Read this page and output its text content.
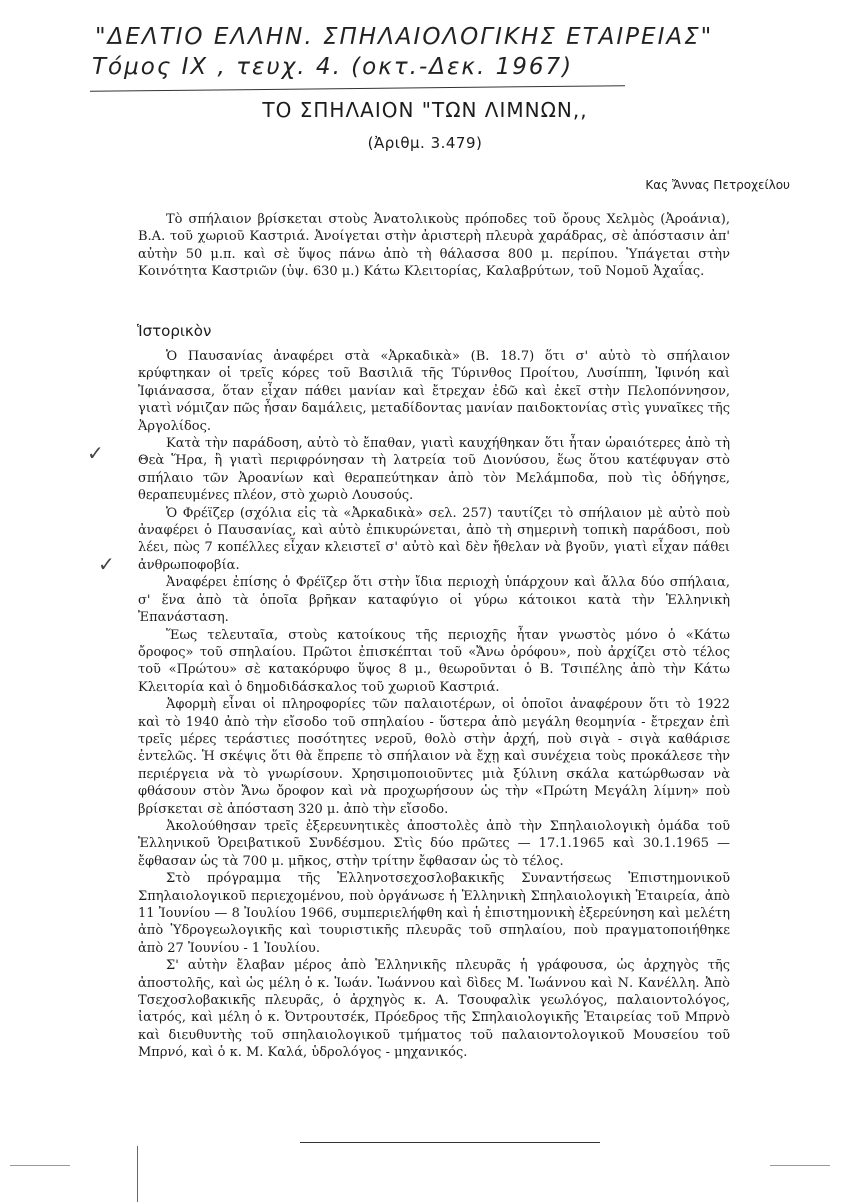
"ΔΕΛΤΙΟ ΕΛΛΗΝ. ΣΠΗΛΑΙΟΛΟΓΙΚΗΣ ΕΤΑΙΡΕΙΑΣ"
Τόμος ΙΧ , τευχ. 4. (οκτ.-Δεκ. 1967)
ΤΟ ΣΠΗΛΑΙΟΝ "ΤΩΝ ΛΙΜΝΩΝ,,
(Ἀριθμ. 3.479)
Κας Ἄννας Πετροχείλου

Τὸ σπήλαιον βρίσκεται στοὺς Ἀνατολικοὺς πρόποδες τοῦ ὄρους Χελμὸς (Ἀροάνια), Β.Α. τοῦ χωριοῦ Καστριά. Ἀνοίγεται στὴν ἀριστερὴ πλευρὰ χαράδρας, σὲ ἀπόστασιν ἀπ' αὐτὴν 50 μ.π. καὶ σὲ ὕψος πάνω ἀπὸ τὴ θάλασσα 800 μ. περίπου. Ὑπάγεται στὴν Κοινότητα Καστριῶν (ὑψ. 630 μ.) Κάτω Κλειτορίας, Καλαβρύτων, τοῦ Νομοῦ Ἀχαΐας.

Ἱστορικὸν

Ὁ Παυσανίας ἀναφέρει στὰ «Ἀρκαδικὰ» (Β. 18.7) ὅτι σ' αὐτὸ τὸ σπήλαιον κρύφτηκαν οἱ τρεῖς κόρες τοῦ Βασιλιᾶ τῆς Τύρινθος Προίτου, Λυσίππη, Ἰφινόη καὶ Ἰφιάνασσα, ὅταν εἶχαν πάθει μανίαν καὶ ἔτρεχαν ἐδῶ καὶ ἐκεῖ στὴν Πελοπόννησον, γιατὶ νόμιζαν πῶς ἦσαν δαμάλεις, μεταδίδοντας μανίαν παιδοκτονίας στὶς γυναῖκες τῆς Ἀργολίδος.

Κατὰ τὴν παράδοση, αὐτὸ τὸ ἔπαθαν, γιατὶ καυχήθηκαν ὅτι ἦταν ὡραιότερες ἀπὸ τὴ Θεὰ Ἥρα, ἢ γιατὶ περιφρόνησαν τὴ λατρεία τοῦ Διονύσου, ἕως ὅτου κατέφυγαν στὸ σπήλαιο τῶν Ἀροανίων καὶ θεραπεύτηκαν ἀπὸ τὸν Μελάμποδα, ποὺ τὶς ὁδήγησε, θεραπευμένες πλέον, στὸ χωριὸ Λουσούς.

Ὁ Φρέϊζερ (σχόλια εἰς τὰ «Ἀρκαδικὰ» σελ. 257) ταυτίζει τὸ σπήλαιον μὲ αὐτὸ ποὺ ἀναφέρει ὁ Παυσανίας, καὶ αὐτὸ ἐπικυρώνεται, ἀπὸ τὴ σημερινὴ τοπικὴ παράδοσι, ποὺ λέει, πὼς 7 κοπέλλες εἶχαν κλειστεῖ σ' αὐτὸ καὶ δὲν ἤθελαν νὰ βγοῦν, γιατὶ εἶχαν πάθει ἀνθρωποφοβία.

Ἀναφέρει ἐπίσης ὁ Φρέϊζερ ὅτι στὴν ἴδια περιοχὴ ὑπάρχουν καὶ ἄλλα δύο σπήλαια, σ' ἕνα ἀπὸ τὰ ὁποῖα βρῆκαν καταφύγιο οἱ γύρω κάτοικοι κατὰ τὴν Ἑλληνικὴ Ἐπανάσταση.

Ἕως τελευταῖα, στοὺς κατοίκους τῆς περιοχῆς ἦταν γνωστὸς μόνο ὁ «Κάτω ὄροφος» τοῦ σπηλαίου. Πρῶτοι ἐπισκέπται τοῦ «Ἄνω ὀρόφου», ποὺ ἀρχίζει στὸ τέλος τοῦ «Πρώτου» σὲ κατακόρυφο ὕψος 8 μ., θεωροῦνται ὁ Β. Τσιπέλης ἀπὸ τὴν Κάτω Κλειτορία καὶ ὁ δημοδιδάσκαλος τοῦ χωριοῦ Καστριά.

Ἀφορμὴ εἶναι οἱ πληροφορίες τῶν παλαιοτέρων, οἱ ὁποῖοι ἀναφέρουν ὅτι τὸ 1922 καὶ τὸ 1940 ἀπὸ τὴν εἴσοδο τοῦ σπηλαίου - ὕστερα ἀπὸ μεγάλη θεομηνία - ἔτρεχαν ἐπὶ τρεῖς μέρες τεράστιες ποσότητες νεροῦ, θολὸ στὴν ἀρχή, ποὺ σιγὰ - σιγὰ καθάρισε ἐντελῶς. Ἡ σκέψις ὅτι θὰ ἔπρεπε τὸ σπήλαιον νὰ ἔχῃ καὶ συνέχεια τοὺς προκάλεσε τὴν περιέργεια νὰ τὸ γνωρίσουν. Χρησιμοποιοῦντες μιὰ ξύλινη σκάλα κατώρθωσαν νὰ φθάσουν στὸν Ἄνω ὄροφον καὶ νὰ προχωρήσουν ὡς τὴν «Πρώτη Μεγάλη λίμνη» ποὺ βρίσκεται σὲ ἀπόσταση 320 μ. ἀπὸ τὴν εἴσοδο.

Ἀκολούθησαν τρεῖς ἐξερευνητικὲς ἀποστολὲς ἀπὸ τὴν Σπηλαιολογικὴ ὁμάδα τοῦ Ἑλληνικοῦ Ὀρειβατικοῦ Συνδέσμου. Στὶς δύο πρῶτες — 17.1.1965 καὶ 30.1.1965 — ἔφθασαν ὡς τὰ 700 μ. μῆκος, στὴν τρίτην ἔφθασαν ὡς τὸ τέλος.

Στὸ πρόγραμμα τῆς Ἑλληνοτσεχοσλοβακικῆς Συναντήσεως Ἐπιστημονικοῦ Σπηλαιολογικοῦ περιεχομένου, ποὺ ὀργάνωσε ἡ Ἑλληνικὴ Σπηλαιολογικὴ Ἑταιρεία, ἀπὸ 11 Ἰουνίου — 8 Ἰουλίου 1966, συμπεριελήφθη καὶ ἡ ἐπιστημονικὴ ἐξερεύνηση καὶ μελέτη ἀπὸ Ὑδρογεωλογικῆς καὶ τουριστικῆς πλευρᾶς τοῦ σπηλαίου, ποὺ πραγματοποιήθηκε ἀπὸ 27 Ἰουνίου - 1 Ἰουλίου.

Σ' αὐτὴν ἔλαβαν μέρος ἀπὸ Ἑλληνικῆς πλευρᾶς ἡ γράφουσα, ὡς ἀρχηγὸς τῆς ἀποστολῆς, καὶ ὡς μέλη ὁ κ. Ἰωάν. Ἰωάννου καὶ δὶδες Μ. Ἰωάννου καὶ Ν. Κανέλλη. Ἀπὸ Τσεχοσλοβακικῆς πλευρᾶς, ὁ ἀρχηγὸς κ. Α. Τσουφαλὶκ γεωλόγος, παλαιοντολόγος, ἰατρός, καὶ μέλη ὁ κ. Ὀντρουτσέκ, Πρόεδρος τῆς Σπηλαιολογικῆς Ἑταιρείας τοῦ Μπρνὸ καὶ διευθυντὴς τοῦ σπηλαιολογικοῦ τμήματος τοῦ παλαιοντολογικοῦ Μουσείου τοῦ Μπρνό, καὶ ὁ κ. Μ. Καλά, ὑδρολόγος - μηχανικός.

✓
✓
